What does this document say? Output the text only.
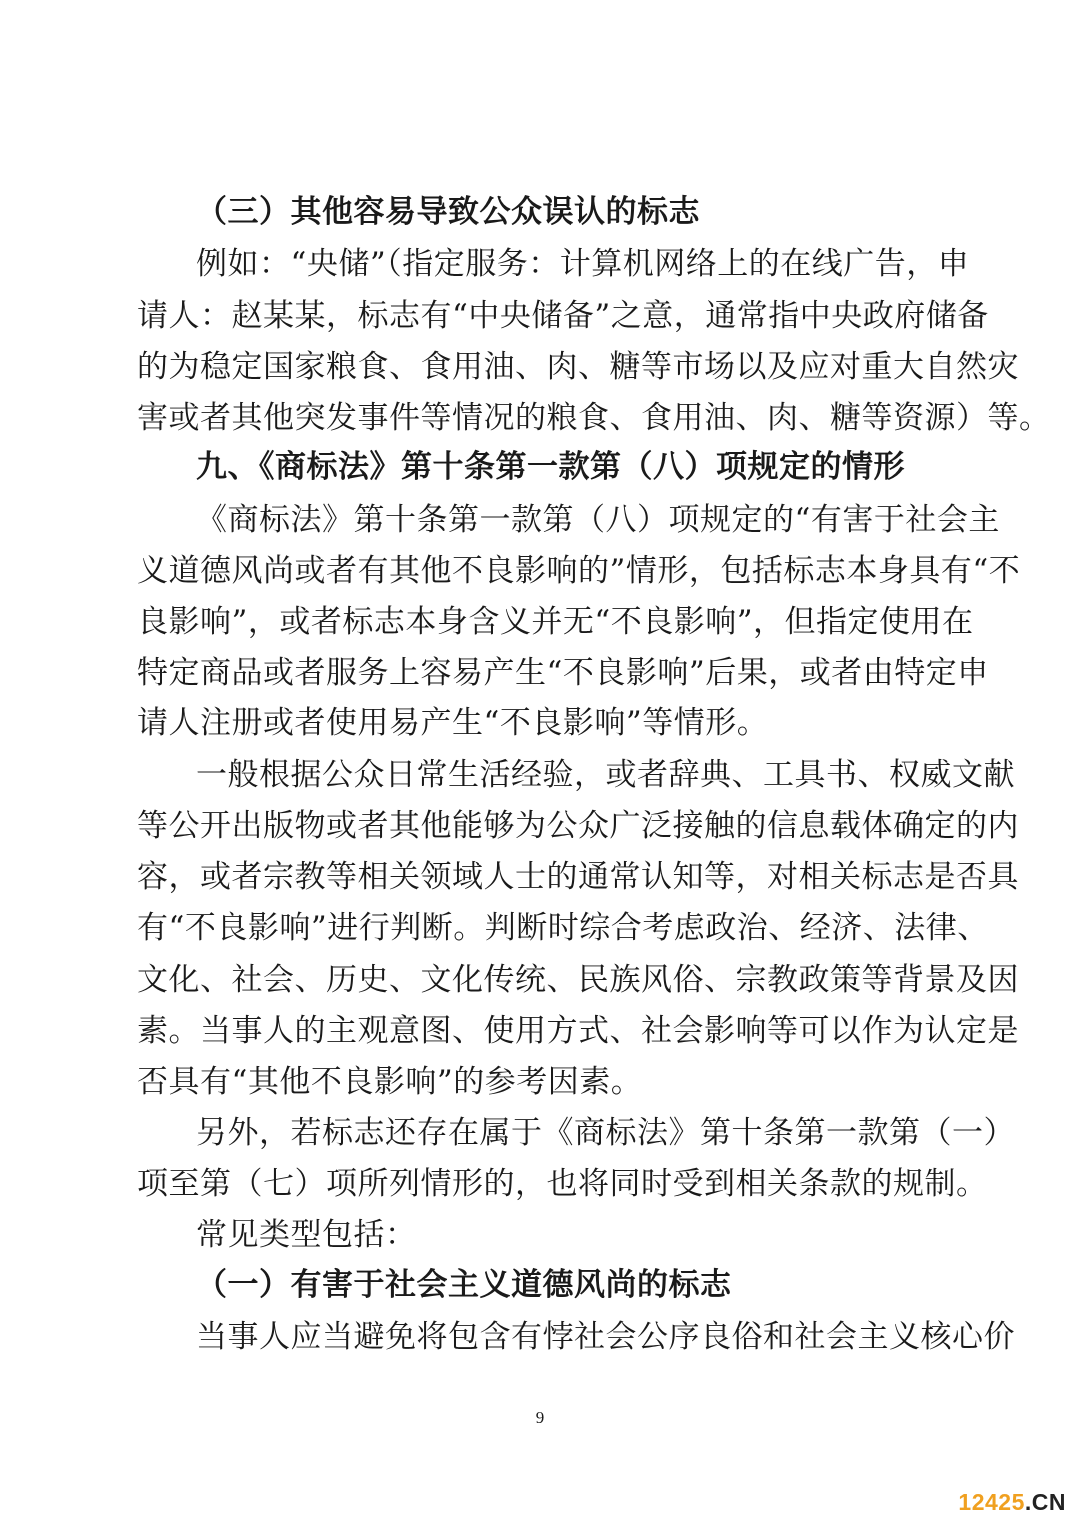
（三）其他容易导致公众误认的标志
例如：“央储”（指定服务：计算机网络上的在线广告，申
请人：赵某某，标志有“中央储备”之意，通常指中央政府储备
的为稳定国家粮食、食用油、肉、糖等市场以及应对重大自然灾
害或者其他突发事件等情况的粮食、食用油、肉、糖等资源）等。
九、《商标法》第十条第一款第（八）项规定的情形
《商标法》第十条第一款第（八）项规定的“有害于社会主
义道德风尚或者有其他不良影响的”情形，包括标志本身具有“不
良影响”，或者标志本身含义并无“不良影响”，但指定使用在
特定商品或者服务上容易产生“不良影响”后果，或者由特定申
请人注册或者使用易产生“不良影响”等情形。
一般根据公众日常生活经验，或者辞典、工具书、权威文献
等公开出版物或者其他能够为公众广泛接触的信息载体确定的内
容，或者宗教等相关领域人士的通常认知等，对相关标志是否具
有“不良影响”进行判断。判断时综合考虑政治、经济、法律、
文化、社会、历史、文化传统、民族风俗、宗教政策等背景及因
素。当事人的主观意图、使用方式、社会影响等可以作为认定是
否具有“其他不良影响”的参考因素。
另外，若标志还存在属于《商标法》第十条第一款第（一）
项至第（七）项所列情形的，也将同时受到相关条款的规制。
常见类型包括：
（一）有害于社会主义道德风尚的标志
当事人应当避免将包含有悖社会公序良俗和社会主义核心价
9
12425.CN
